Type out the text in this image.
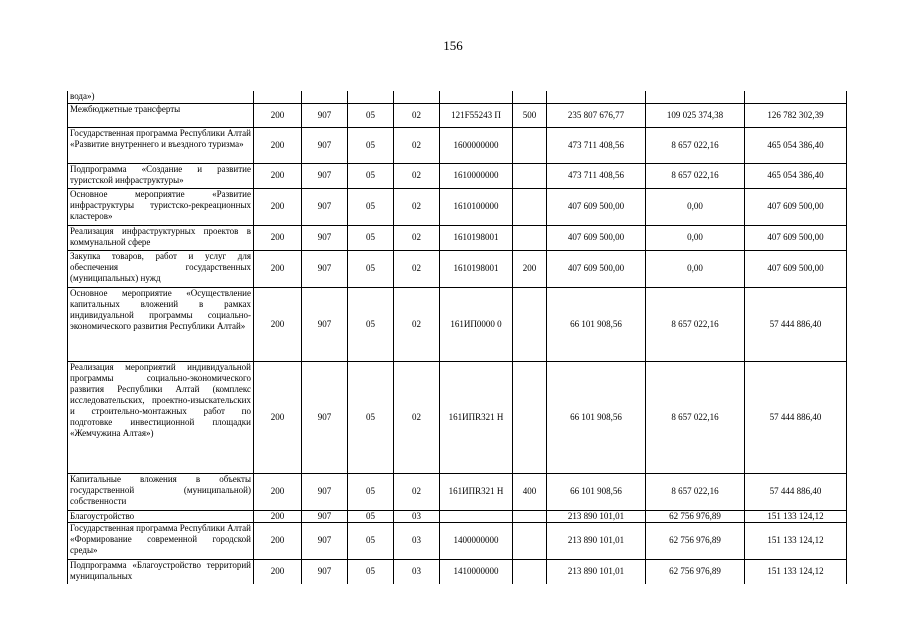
156
вода»)									
Межбюджетные трансферты	200	907	05	02	121F55243 П	500	235 807 676,77	109 025 374,38	126 782 302,39
Государственная программа Республики Алтай «Развитие внутреннего и въездного туризма»	200	907	05	02	1600000000		473 711 408,56	8 657 022,16	465 054 386,40
Подпрограмма «Создание и развитие туристской инфраструктуры»	200	907	05	02	1610000000		473 711 408,56	8 657 022,16	465 054 386,40
Основное мероприятие «Развитие инфраструктуры туристско-рекреационных кластеров»	200	907	05	02	1610100000		407 609 500,00	0,00	407 609 500,00
Реализация инфраструктурных проектов в коммунальной сфере	200	907	05	02	1610198001		407 609 500,00	0,00	407 609 500,00
Закупка товаров, работ и услуг для обеспечения государственных (муниципальных) нужд	200	907	05	02	1610198001	200	407 609 500,00	0,00	407 609 500,00
Основное мероприятие «Осуществление капитальных вложений в рамках индивидуальной программы социально-экономического развития Республики Алтай»	200	907	05	02	161ИП0000 0		66 101 908,56	8 657 022,16	57 444 886,40
Реализация мероприятий индивидуальной программы социально-экономического развития Республики Алтай (комплекс исследовательских, проектно-изыскательских и строительно-монтажных работ по подготовке инвестиционной площадки «Жемчужина Алтая»)	200	907	05	02	161ИПR321 Н		66 101 908,56	8 657 022,16	57 444 886,40
Капитальные вложения в объекты государственной (муниципальной) собственности	200	907	05	02	161ИПR321 Н	400	66 101 908,56	8 657 022,16	57 444 886,40
Благоустройство	200	907	05	03			213 890 101,01	62 756 976,89	151 133 124,12
Государственная программа Республики Алтай «Формирование современной городской среды»	200	907	05	03	1400000000		213 890 101,01	62 756 976,89	151 133 124,12
Подпрограмма «Благоустройство территорий муниципальных	200	907	05	03	1410000000		213 890 101,01	62 756 976,89	151 133 124,12
